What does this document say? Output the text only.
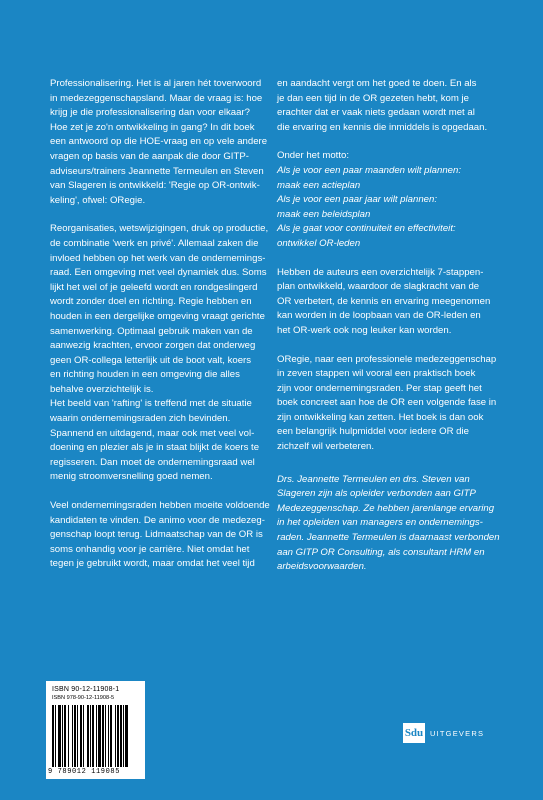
Professionalisering. Het is al jaren hét toverwoord
in medezeggenschapsland. Maar de vraag is: hoe
krijg je die professionalisering dan voor elkaar?
Hoe zet je zo'n ontwikkeling in gang? In dit boek
een antwoord op die HOE-vraag en op vele andere
vragen op basis van de aanpak die door GITP-
adviseurs/trainers Jeannette Termeulen en Steven
van Slageren is ontwikkeld: 'Regie op OR-ontwik-
keling', ofwel: ORegie.

Reorganisaties, wetswijzigingen, druk op productie,
de combinatie 'werk en privé'. Allemaal zaken die
invloed hebben op het werk van de ondernemings-
raad. Een omgeving met veel dynamiek dus. Soms
lijkt het wel of je geleefd wordt en rondgeslingerd
wordt zonder doel en richting. Regie hebben en
houden in een dergelijke omgeving vraagt gerichte
samenwerking. Optimaal gebruik maken van de
aanwezig krachten, ervoor zorgen dat onderweg
geen OR-collega letterlijk uit de boot valt, koers
en richting houden in een omgeving die alles
behalve overzichtelijk is.

Het beeld van 'rafting' is treffend met de situatie
waarin ondernemingsraden zich bevinden.
Spannend en uitdagend, maar ook met veel vol-
doening en plezier als je in staat blijkt de koers te
regisseren. Dan moet de ondernemingsraad wel
menig stroomversnelling goed nemen.

Veel ondernemingsraden hebben moeite voldoende
kandidaten te vinden. De animo voor de medezeg-
genschap loopt terug. Lidmaatschap van de OR is
soms onhandig voor je carrière. Niet omdat het
tegen je gebruikt wordt, maar omdat het veel tijd

en aandacht vergt om het goed te doen. En als
je dan een tijd in de OR gezeten hebt, kom je
erachter dat er vaak niets gedaan wordt met al
die ervaring en kennis die inmiddels is opgedaan.

Onder het motto:
Als je voor een paar maanden wilt plannen:
maak een actieplan
Als je voor een paar jaar wilt plannen:
maak een beleidsplan
Als je gaat voor continuiteit en effectiviteit:
ontwikkel OR-leden

Hebben de auteurs een overzichtelijk 7-stappen-
plan ontwikkeld, waardoor de slagkracht van de
OR verbetert, de kennis en ervaring meegenomen
kan worden in de loopbaan van de OR-leden en
het OR-werk ook nog leuker kan worden.

ORegie, naar een professionele medezeggenschap
in zeven stappen wil vooral een praktisch boek
zijn voor ondernemingsraden. Per stap geeft het
boek concreet aan hoe de OR een volgende fase in
zijn ontwikkeling kan zetten. Het boek is dan ook
een belangrijk hulpmiddel voor iedere OR die
zichzelf wil verbeteren.

Drs. Jeannette Termeulen en drs. Steven van
Slageren zijn als opleider verbonden aan GITP
Medezeggenschap. Ze hebben jarenlange ervaring
in het opleiden van managers en ondernemings-
raden. Jeannette Termeulen is daarnaast verbonden
aan GITP OR Consulting, als consultant HRM en
arbeidsvoorwaarden.

ISBN 90-12-11908-1
ISBN 978-90-12-11908-5
9 789012 119085
Sdu UITGEVERS
